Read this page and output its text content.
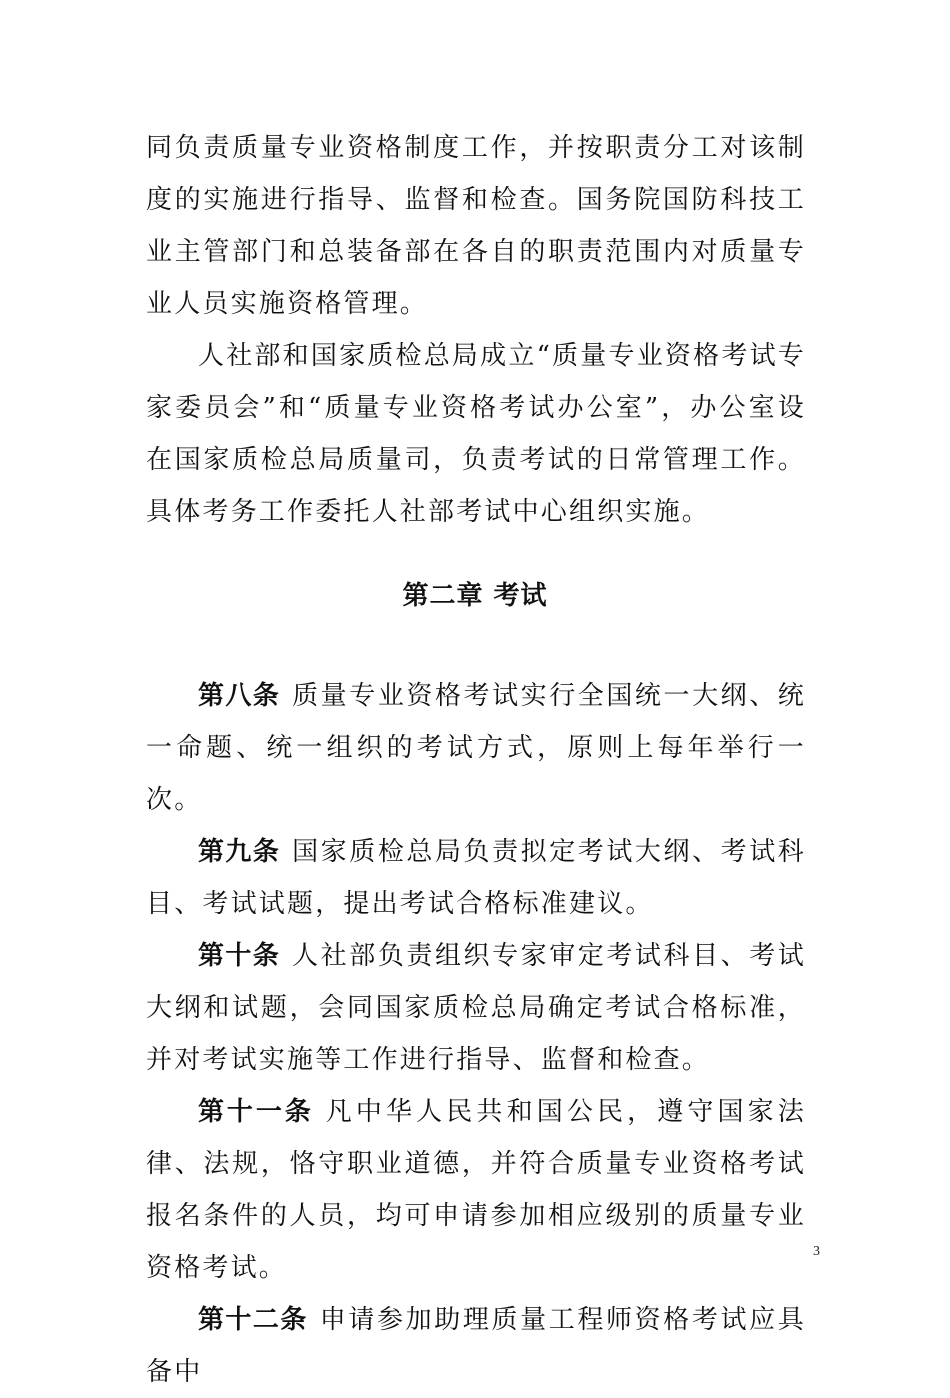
同负责质量专业资格制度工作，并按职责分工对该制度的实施进行指导、监督和检查。国务院国防科技工业主管部门和总装备部在各自的职责范围内对质量专业人员实施资格管理。

人社部和国家质检总局成立“质量专业资格考试专家委员会”和“质量专业资格考试办公室”，办公室设在国家质检总局质量司，负责考试的日常管理工作。具体考务工作委托人社部考试中心组织实施。

第二章 考试

第八条 质量专业资格考试实行全国统一大纲、统一命题、统一组织的考试方式，原则上每年举行一次。

第九条 国家质检总局负责拟定考试大纲、考试科目、考试试题，提出考试合格标准建议。

第十条 人社部负责组织专家审定考试科目、考试大纲和试题，会同国家质检总局确定考试合格标准，并对考试实施等工作进行指导、监督和检查。

第十一条 凡中华人民共和国公民，遵守国家法律、法规，恪守职业道德，并符合质量专业资格考试报名条件的人员，均可申请参加相应级别的质量专业资格考试。

第十二条 申请参加助理质量工程师资格考试应具备中

3
